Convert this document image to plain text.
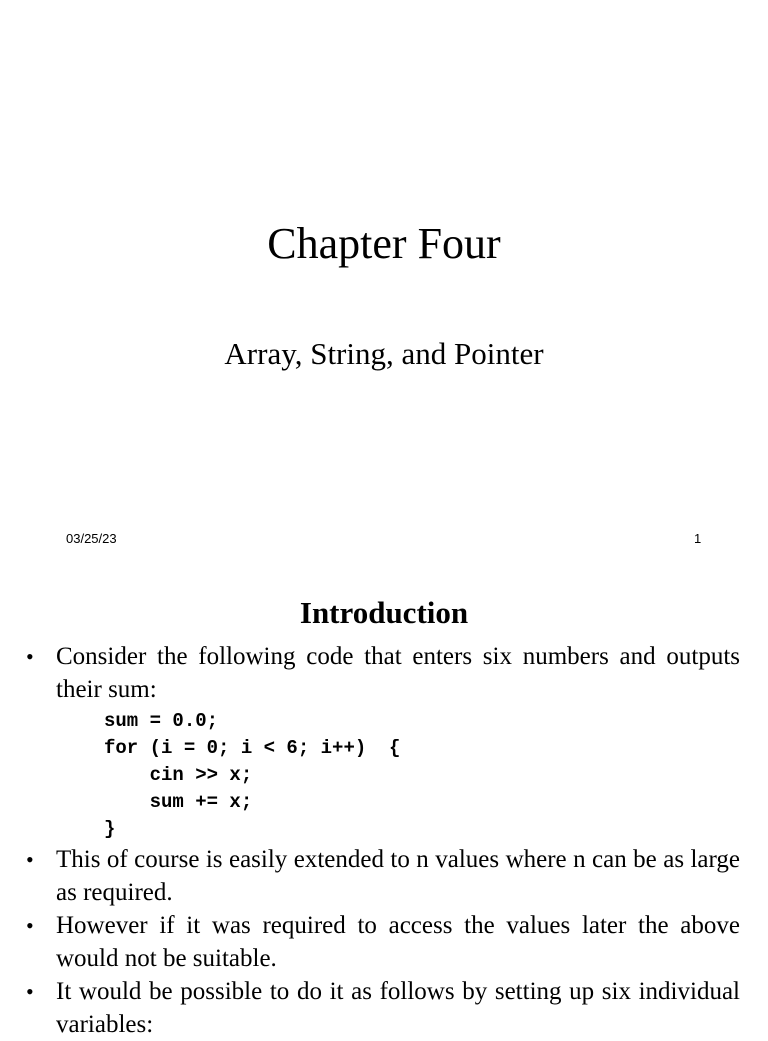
Chapter Four
Array, String, and Pointer
03/25/23	1
Introduction
• Consider the following code that enters six numbers and outputs their sum:
sum = 0.0;
for (i = 0; i < 6; i++)  {
cin >> x;
sum += x;
}
• This of course is easily extended to n values where n can be as large as required.
• However if it was required to access the values later the above would not be suitable.
• It would be possible to do it as follows by setting up six individual variables:
